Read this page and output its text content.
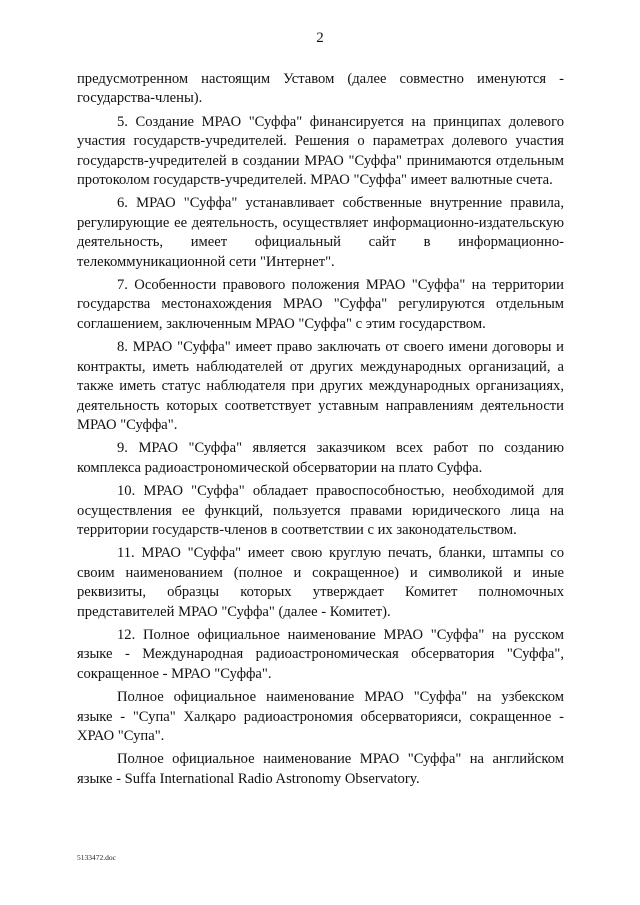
2

предусмотренном настоящим Уставом (далее совместно именуются - государства-члены).

5. Создание МРАО "Суффа" финансируется на принципах долевого участия государств-учредителей. Решения о параметрах долевого участия государств-учредителей в создании МРАО "Суффа" принимаются отдельным протоколом государств-учредителей. МРАО "Суффа" имеет валютные счета.

6. МРАО "Суффа" устанавливает собственные внутренние правила, регулирующие ее деятельность, осуществляет информационно-издательскую деятельность, имеет официальный сайт в информационно-телекоммуникационной сети "Интернет".

7. Особенности правового положения МРАО "Суффа" на территории государства местонахождения МРАО "Суффа" регулируются отдельным соглашением, заключенным МРАО "Суффа" с этим государством.

8. МРАО "Суффа" имеет право заключать от своего имени договоры и контракты, иметь наблюдателей от других международных организаций, а также иметь статус наблюдателя при других международных организациях, деятельность которых соответствует уставным направлениям деятельности МРАО "Суффа".

9. МРАО "Суффа" является заказчиком всех работ по созданию комплекса радиоастрономической обсерватории на плато Суффа.

10. МРАО "Суффа" обладает правоспособностью, необходимой для осуществления ее функций, пользуется правами юридического лица на территории государств-членов в соответствии с их законодательством.

11. МРАО "Суффа" имеет свою круглую печать, бланки, штампы со своим наименованием (полное и сокращенное) и символикой и иные реквизиты, образцы которых утверждает Комитет полномочных представителей МРАО "Суффа" (далее - Комитет).

12. Полное официальное наименование МРАО "Суффа" на русском языке - Международная радиоастрономическая обсерватория "Суффа", сокращенное - МРАО "Суффа".

Полное официальное наименование МРАО "Суффа" на узбекском языке - "Супа" Халқаро радиоастрономия обсерваторияси, сокращенное - ХРАО "Супа".

Полное официальное наименование МРАО "Суффа" на английском языке - Suffa International Radio Astronomy Observatory.

5133472.doc
